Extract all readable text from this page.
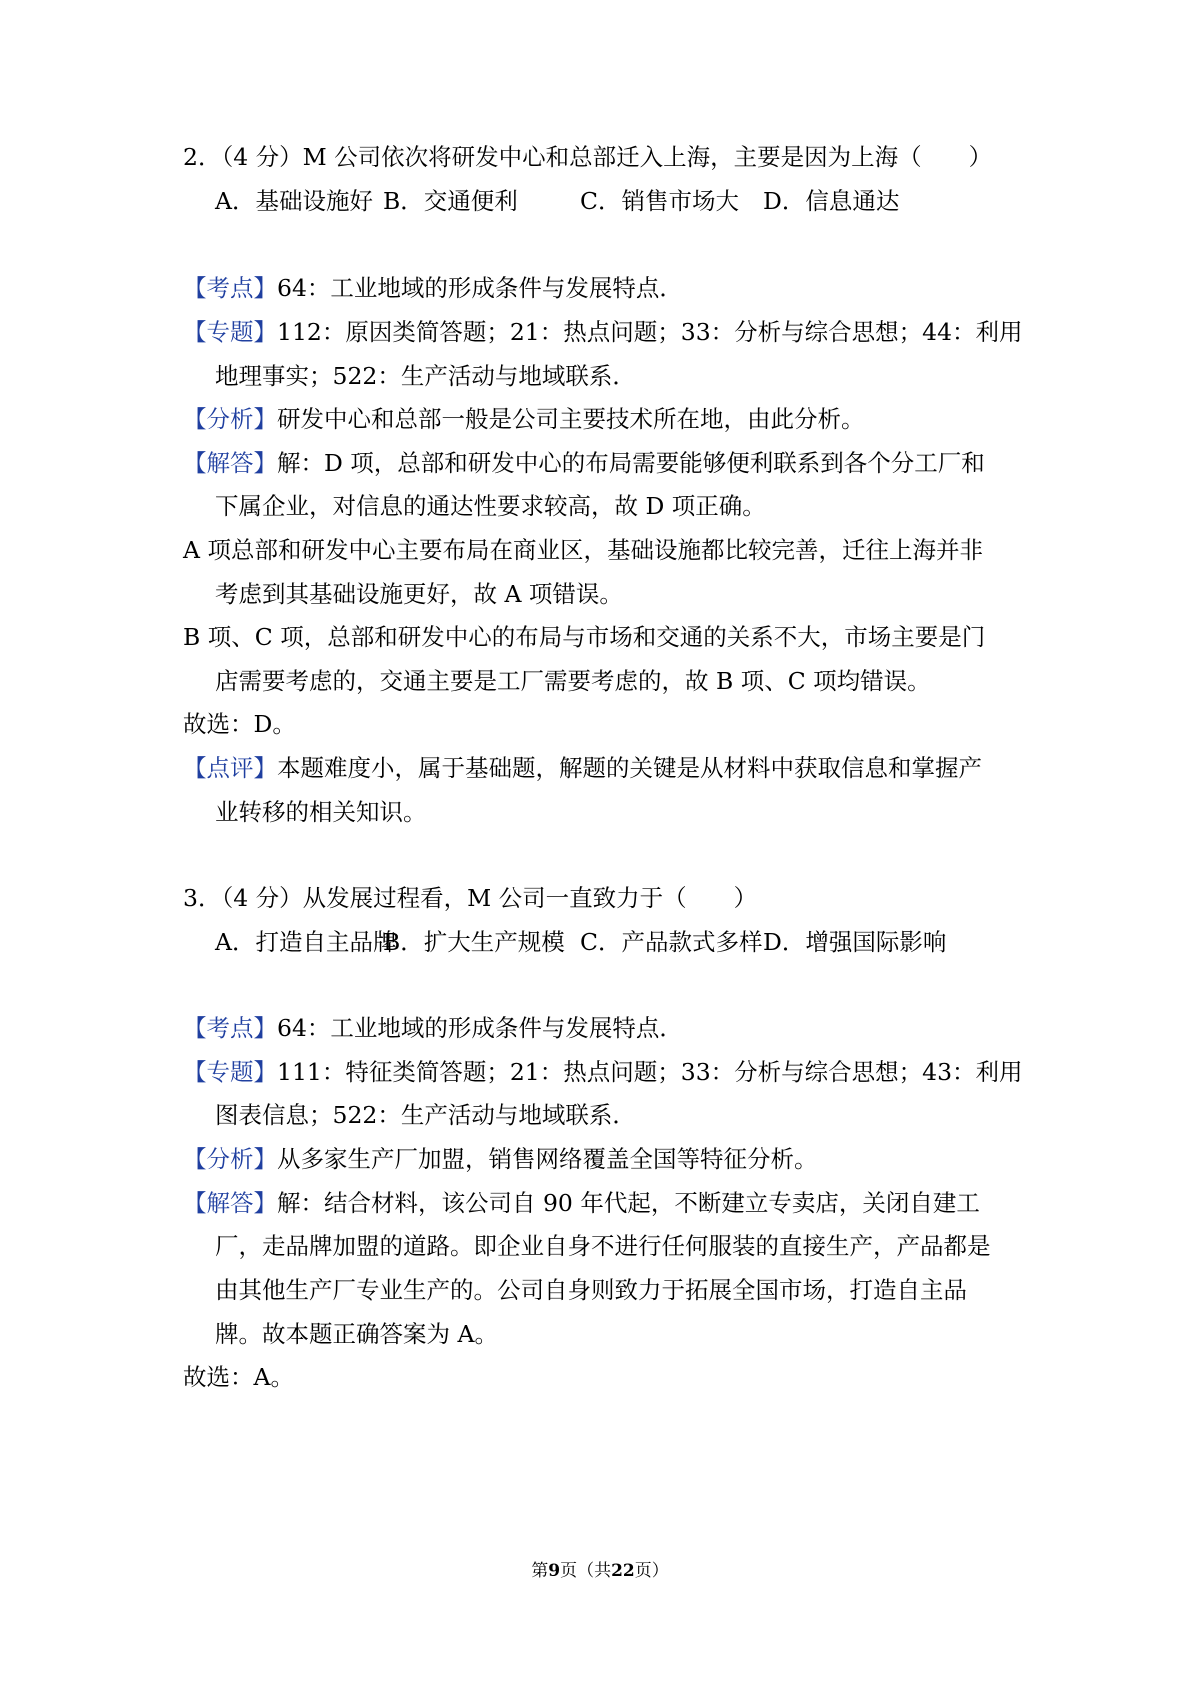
2．（4 分）M 公司依次将研发中心和总部迁入上海，主要是因为上海（　　）
A．基础设施好 B．交通便利	C．销售市场大 D．信息通达
【考点】64：工业地域的形成条件与发展特点．
【专题】112：原因类简答题；21：热点问题；33：分析与综合思想；44：利用
地理事实；522：生产活动与地域联系．
【分析】研发中心和总部一般是公司主要技术所在地，由此分析。
【解答】解：D 项，总部和研发中心的布局需要能够便利联系到各个分工厂和
下属企业，对信息的通达性要求较高，故 D 项正确。
A 项总部和研发中心主要布局在商业区，基础设施都比较完善，迁往上海并非
考虑到其基础设施更好，故 A 项错误。
B 项、C 项，总部和研发中心的布局与市场和交通的关系不大，市场主要是门
店需要考虑的，交通主要是工厂需要考虑的，故 B 项、C 项均错误。
故选：D。
【点评】本题难度小，属于基础题，解题的关键是从材料中获取信息和掌握产
业转移的相关知识。
3．（4 分）从发展过程看，M 公司一直致力于（　　）
A．打造自主品牌
B．扩大生产规模 C．产品款式多样 D．增强国际影响
【考点】64：工业地域的形成条件与发展特点．
【专题】111：特征类简答题；21：热点问题；33：分析与综合思想；43：利用
图表信息；522：生产活动与地域联系．
【分析】从多家生产厂加盟，销售网络覆盖全国等特征分析。
【解答】解：结合材料，该公司自 90 年代起，不断建立专卖店，关闭自建工
厂，走品牌加盟的道路。即企业自身不进行任何服装的直接生产，产品都是
由其他生产厂专业生产的。公司自身则致力于拓展全国市场，打造自主品
牌。故本题正确答案为 A。
故选：A。
第9页（共22页）
